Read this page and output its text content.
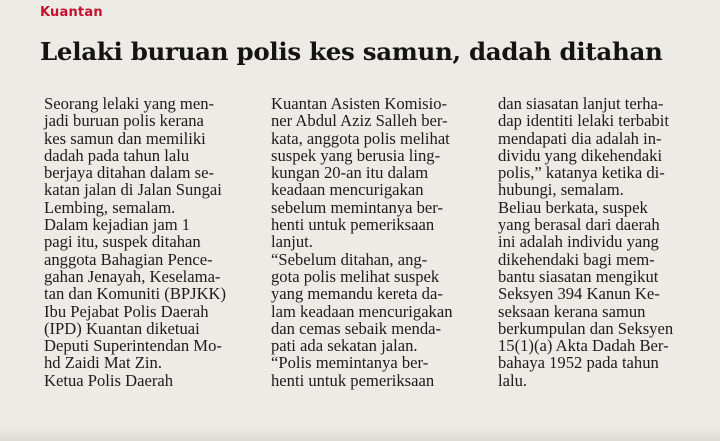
Kuantan
Lelaki buruan polis kes samun, dadah ditahan
Seorang lelaki yang men-
jadi buruan polis kerana
kes samun dan memiliki
dadah pada tahun lalu
berjaya ditahan dalam se-
katan jalan di Jalan Sungai
Lembing, semalam.
Dalam kejadian jam 1
pagi itu, suspek ditahan
anggota Bahagian Pence-
gahan Jenayah, Keselama-
tan dan Komuniti (BPJKK)
Ibu Pejabat Polis Daerah
(IPD) Kuantan diketuai
Deputi Superintendan Mo-
hd Zaidi Mat Zin.
Ketua Polis Daerah
Kuantan Asisten Komisio-
ner Abdul Aziz Salleh ber-
kata, anggota polis melihat
suspek yang berusia ling-
kungan 20-an itu dalam
keadaan mencurigakan
sebelum memintanya ber-
henti untuk pemeriksaan
lanjut.
“Sebelum ditahan, ang-
gota polis melihat suspek
yang memandu kereta da-
lam keadaan mencurigakan
dan cemas sebaik menda-
pati ada sekatan jalan.
“Polis memintanya ber-
henti untuk pemeriksaan
dan siasatan lanjut terha-
dap identiti lelaki terbabit
mendapati dia adalah in-
dividu yang dikehendaki
polis,” katanya ketika di-
hubungi, semalam.
Beliau berkata, suspek
yang berasal dari daerah
ini adalah individu yang
dikehendaki bagi mem-
bantu siasatan mengikut
Seksyen 394 Kanun Ke-
seksaan kerana samun
berkumpulan dan Seksyen
15(1)(a) Akta Dadah Ber-
bahaya 1952 pada tahun
lalu.
